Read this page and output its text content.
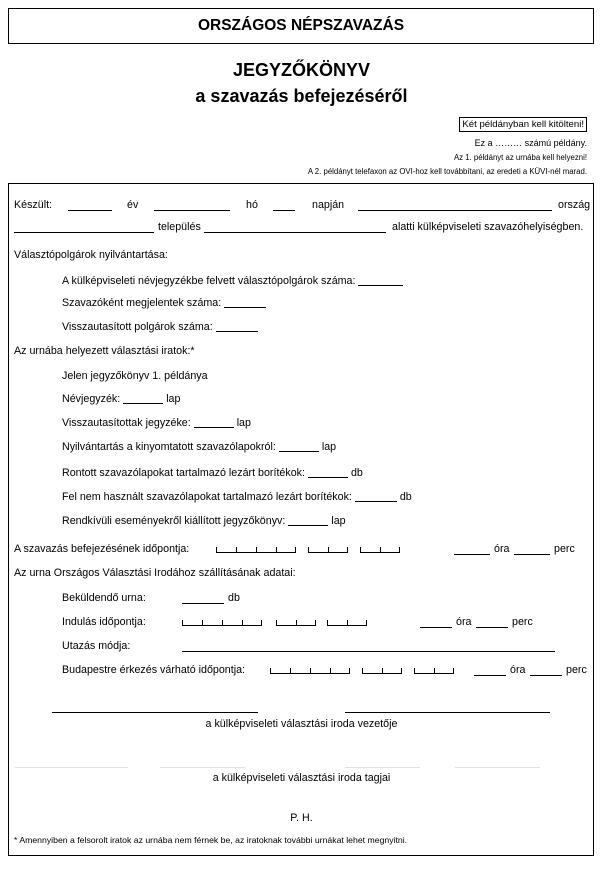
ORSZÁGOS NÉPSZAVAZÁS
JEGYZŐKÖNYV
a szavazás befejezéséről
Két példányban kell kitölteni!
Ez a ……… számú példány.
Az 1. példányt az urnába kell helyezni!
A 2. példányt telefaxon az OVI-hoz kell továbbítani, az eredeti a KÜVI-nél marad.
Készült:	év	hó	napján	ország
település	alatti külképviseleti szavazóhelyiségben.
Választópolgárok nyilvántartása:
A külképviseleti névjegyzékbe felvett választópolgárok száma:
Szavazóként megjelentek száma:
Visszautasított polgárok száma:
Az urnába helyezett választási iratok:*
Jelen jegyzőkönyv 1. példánya
Névjegyzék:	lap
Visszautasítottak jegyzéke:	lap
Nyilvántartás a kinyomtatott szavazólapokról:	lap
Rontott szavazólapokat tartalmazó lezárt borítékok:	db
Fel nem használt szavazólapokat tartalmazó lezárt borítékok:	db
Rendkívüli eseményekről kiállított jegyzőkönyv:	lap
A szavazás befejezésének időpontja:	óra	perc
Az urna Országos Választási Irodához szállításának adatai:
Beküldendő urna:	db
Indulás időpontja:	óra	perc
Utazás módja:
Budapestre érkezés várható időpontja:	óra	perc
a külképviseleti választási iroda vezetője
a külképviseleti választási iroda tagjai
P. H.
* Amennyiben a felsorolt iratok az urnába nem férnek be, az iratoknak további urnákat lehet megnyitni.
